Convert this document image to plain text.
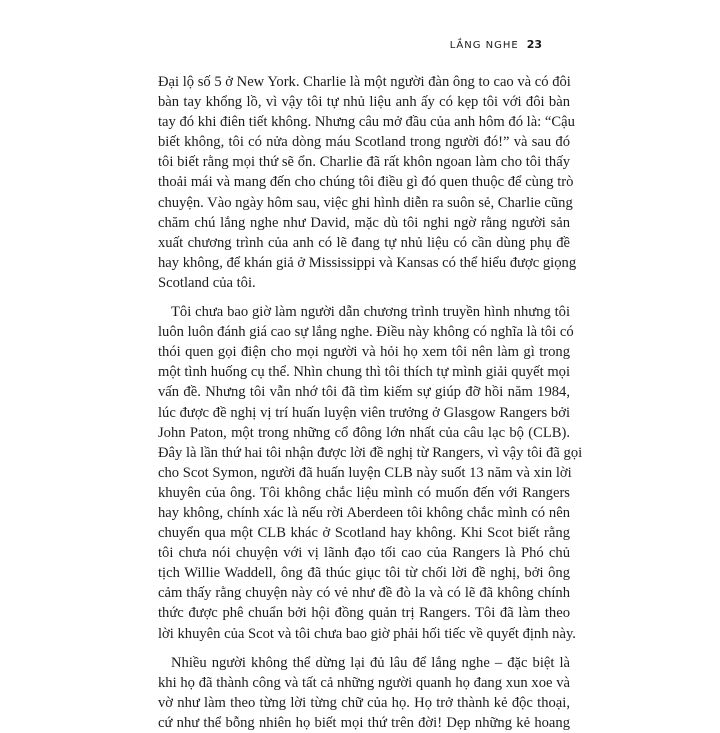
LẮNG NGHE 23

Đại lộ số 5 ở New York. Charlie là một người đàn ông to cao và có đôi
bàn tay khổng lồ, vì vậy tôi tự nhủ liệu anh ấy có kẹp tôi với đôi bàn
tay đó khi điên tiết không. Nhưng câu mở đầu của anh hôm đó là: “Cậu
biết không, tôi có nửa dòng máu Scotland trong người đó!” và sau đó
tôi biết rằng mọi thứ sẽ ổn. Charlie đã rất khôn ngoan làm cho tôi thấy
thoải mái và mang đến cho chúng tôi điều gì đó quen thuộc để cùng trò
chuyện. Vào ngày hôm sau, việc ghi hình diễn ra suôn sẻ, Charlie cũng
chăm chú lắng nghe như David, mặc dù tôi nghi ngờ rằng người sản
xuất chương trình của anh có lẽ đang tự nhủ liệu có cần dùng phụ đề
hay không, để khán giả ở Mississippi và Kansas có thể hiểu được giọng
Scotland của tôi.

Tôi chưa bao giờ làm người dẫn chương trình truyền hình nhưng tôi
luôn luôn đánh giá cao sự lắng nghe. Điều này không có nghĩa là tôi có
thói quen gọi điện cho mọi người và hỏi họ xem tôi nên làm gì trong
một tình huống cụ thể. Nhìn chung thì tôi thích tự mình giải quyết mọi
vấn đề. Nhưng tôi vẫn nhớ tôi đã tìm kiếm sự giúp đỡ hồi năm 1984,
lúc được đề nghị vị trí huấn luyện viên trưởng ở Glasgow Rangers bởi
John Paton, một trong những cổ đông lớn nhất của câu lạc bộ (CLB).
Đây là lần thứ hai tôi nhận được lời đề nghị từ Rangers, vì vậy tôi đã gọi
cho Scot Symon, người đã huấn luyện CLB này suốt 13 năm và xin lời
khuyên của ông. Tôi không chắc liệu mình có muốn đến với Rangers
hay không, chính xác là nếu rời Aberdeen tôi không chắc mình có nên
chuyển qua một CLB khác ở Scotland hay không. Khi Scot biết rằng
tôi chưa nói chuyện với vị lãnh đạo tối cao của Rangers là Phó chủ
tịch Willie Waddell, ông đã thúc giục tôi từ chối lời đề nghị, bởi ông
cảm thấy rằng chuyện này có vẻ như đề đò la và có lẽ đã không chính
thức được phê chuẩn bởi hội đồng quản trị Rangers. Tôi đã làm theo
lời khuyên của Scot và tôi chưa bao giờ phải hối tiếc về quyết định này.

Nhiều người không thể dừng lại đủ lâu để lắng nghe – đặc biệt là
khi họ đã thành công và tất cả những người quanh họ đang xun xoe và
vờ như làm theo từng lời từng chữ của họ. Họ trở thành kẻ độc thoại,
cứ như thể bỗng nhiên họ biết mọi thứ trên đời! Dẹp những kẻ hoang
